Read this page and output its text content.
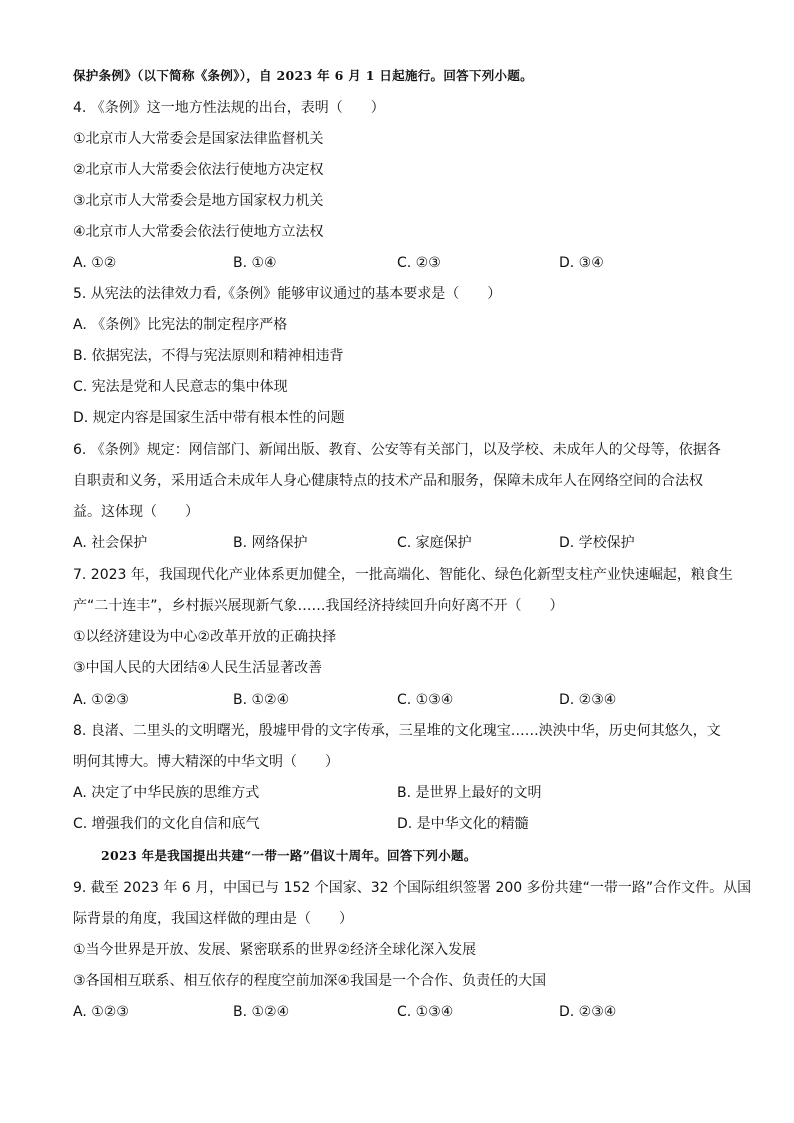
保护条例》（以下简称《条例》），自 2023 年 6 月 1 日起施行。回答下列小题。
4. 《条例》这一地方性法规的出台，表明（　　）
①北京市人大常委会是国家法律监督机关
②北京市人大常委会依法行使地方决定权
③北京市人大常委会是地方国家权力机关
④北京市人大常委会依法行使地方立法权
A. ①②	B. ①④	C. ②③	D. ③④
5. 从宪法的法律效力看,《条例》能够审议通过的基本要求是（　　）
A. 《条例》比宪法的制定程序严格
B. 依据宪法，不得与宪法原则和精神相违背
C. 宪法是党和人民意志的集中体现
D. 规定内容是国家生活中带有根本性的问题
6. 《条例》规定：网信部门、新闻出版、教育、公安等有关部门，以及学校、未成年人的父母等，依据各
自职责和义务，采用适合未成年人身心健康特点的技术产品和服务，保障未成年人在网络空间的合法权
益。这体现（　　）
A. 社会保护	B. 网络保护	C. 家庭保护	D. 学校保护
7. 2023 年，我国现代化产业体系更加健全，一批高端化、智能化、绿色化新型支柱产业快速崛起，粮食生
产“二十连丰”，乡村振兴展现新气象……我国经济持续回升向好离不开（　　）
①以经济建设为中心②改革开放的正确抉择
③中国人民的大团结④人民生活显著改善
A. ①②③	B. ①②④	C. ①③④	D. ②③④
8. 良渚、二里头的文明曙光，殷墟甲骨的文字传承，三星堆的文化瑰宝……泱泱中华，历史何其悠久，文
明何其博大。博大精深的中华文明（　　）
A. 决定了中华民族的思维方式	B. 是世界上最好的文明
C. 增强我们的文化自信和底气	D. 是中华文化的精髓
2023 年是我国提出共建“一带一路”倡议十周年。回答下列小题。
9. 截至 2023 年 6 月，中国已与 152 个国家、32 个国际组织签署 200 多份共建“一带一路”合作文件。从国
际背景的角度，我国这样做的理由是（　　）
①当今世界是开放、发展、紧密联系的世界②经济全球化深入发展
③各国相互联系、相互依存的程度空前加深④我国是一个合作、负责任的大国
A. ①②③	B. ①②④	C. ①③④	D. ②③④
